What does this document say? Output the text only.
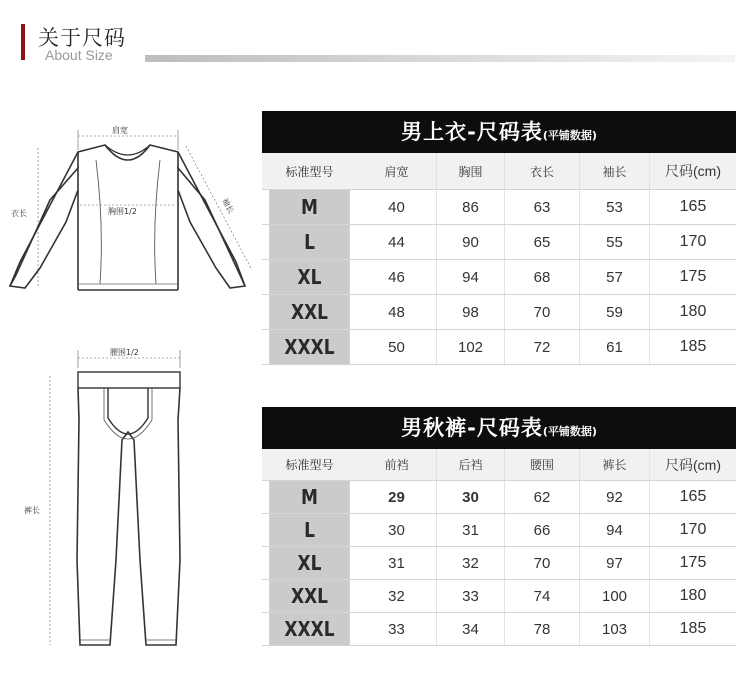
关于尺码
About Size
肩宽
衣长	胸围1/2	袖长
腰围1/2
裤长
男上衣-尺码表(平铺数据)
标准型号	肩宽	胸围	衣长	袖长	尺码(cm)
M	40	86	63	53	165
L	44	90	65	55	170
XL	46	94	68	57	175
XXL	48	98	70	59	180
XXXL	50	102	72	61	185
男秋裤-尺码表(平铺数据)
标准型号	前裆	后裆	腰围	裤长	尺码(cm)
M	29	30	62	92	165
L	30	31	66	94	170
XL	31	32	70	97	175
XXL	32	33	74	100	180
XXXL	33	34	78	103	185
